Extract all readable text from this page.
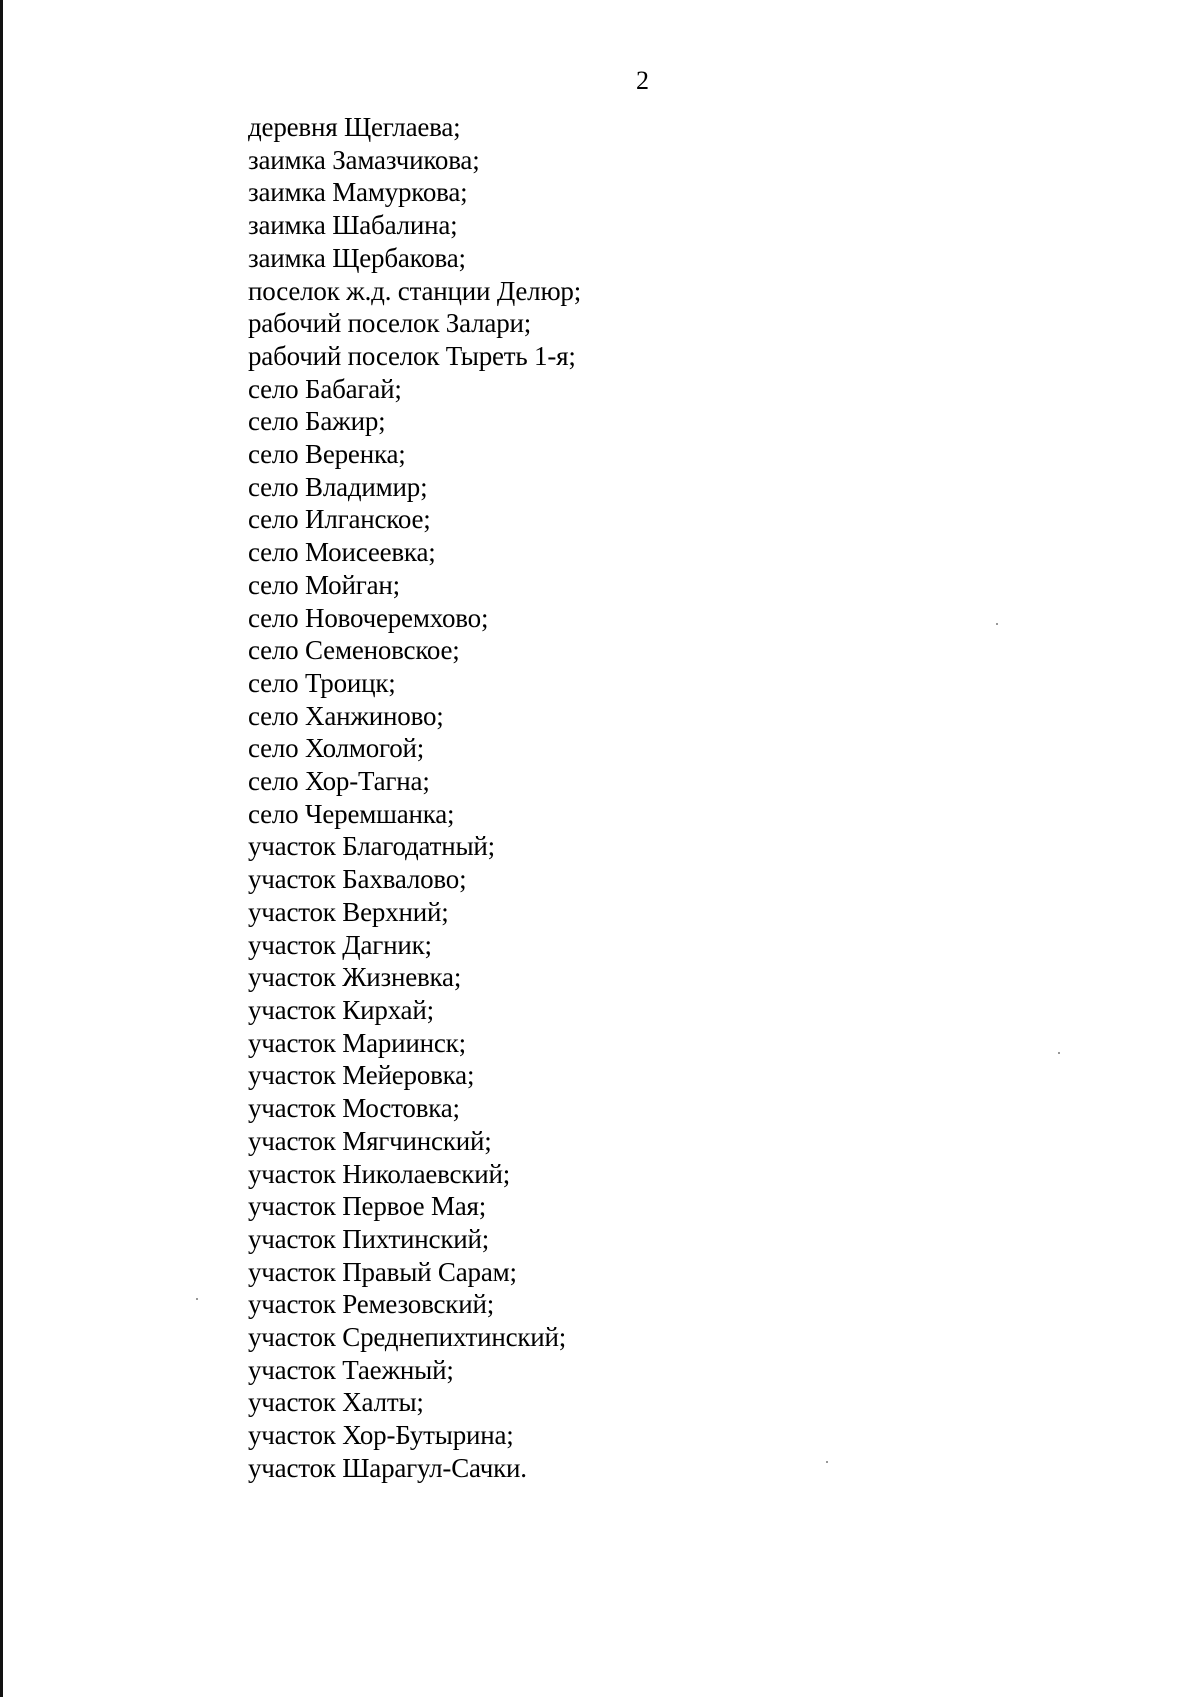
2
деревня Щеглаева;
заимка Замазчикова;
заимка Мамуркова;
заимка Шабалина;
заимка Щербакова;
поселок ж.д. станции Делюр;
рабочий поселок Залари;
рабочий поселок Тыреть 1-я;
село Бабагай;
село Бажир;
село Веренка;
село Владимир;
село Илганское;
село Моисеевка;
село Мойган;
село Новочеремхово;
село Семеновское;
село Троицк;
село Ханжиново;
село Холмогой;
село Хор-Тагна;
село Черемшанка;
участок Благодатный;
участок Бахвалово;
участок Верхний;
участок Дагник;
участок Жизневка;
участок Кирхай;
участок Мариинск;
участок Мейеровка;
участок Мостовка;
участок Мягчинский;
участок Николаевский;
участок Первое Мая;
участок Пихтинский;
участок Правый Сарам;
участок Ремезовский;
участок Среднепихтинский;
участок Таежный;
участок Халты;
участок Хор-Бутырина;
участок Шарагул-Сачки.
